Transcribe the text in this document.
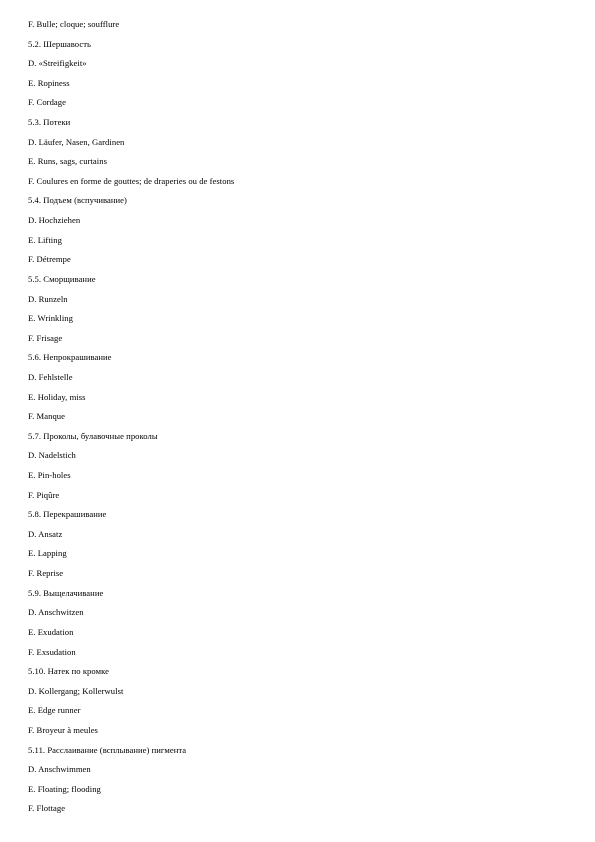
F. Bulle; cloque; soufflure
5.2. Шершавость
D. «Streifigkeit»
E. Ropiness
F. Cordage
5.3. Потеки
D. Läufer, Nasen, Gardinen
E. Runs, sags, curtains
F. Coulures en forme de gouttes; de draperies ou de festons
5.4. Подъем (вспучивание)
D. Hochziehen
E. Lifting
F. Détrempe
5.5. Сморщивание
D. Runzeln
E. Wrinkling
F. Frisage
5.6. Непрокрашивание
D. Fehlstelle
E. Holiday, miss
F. Manque
5.7. Проколы, булавочные проколы
D. Nadelstich
E. Pin-holes
F. Piqûre
5.8. Перекрашивание
D. Ansatz
E. Lapping
F. Reprise
5.9. Выщелачивание
D. Anschwitzen
E. Exudation
F. Exsudation
5.10. Натек по кромке
D. Kollergang; Kollerwulst
E. Edge runner
F. Broyeur à meules
5.11. Расслаивание (всплывание) пигмента
D. Anschwimmen
E. Floating; flooding
F. Flottage
